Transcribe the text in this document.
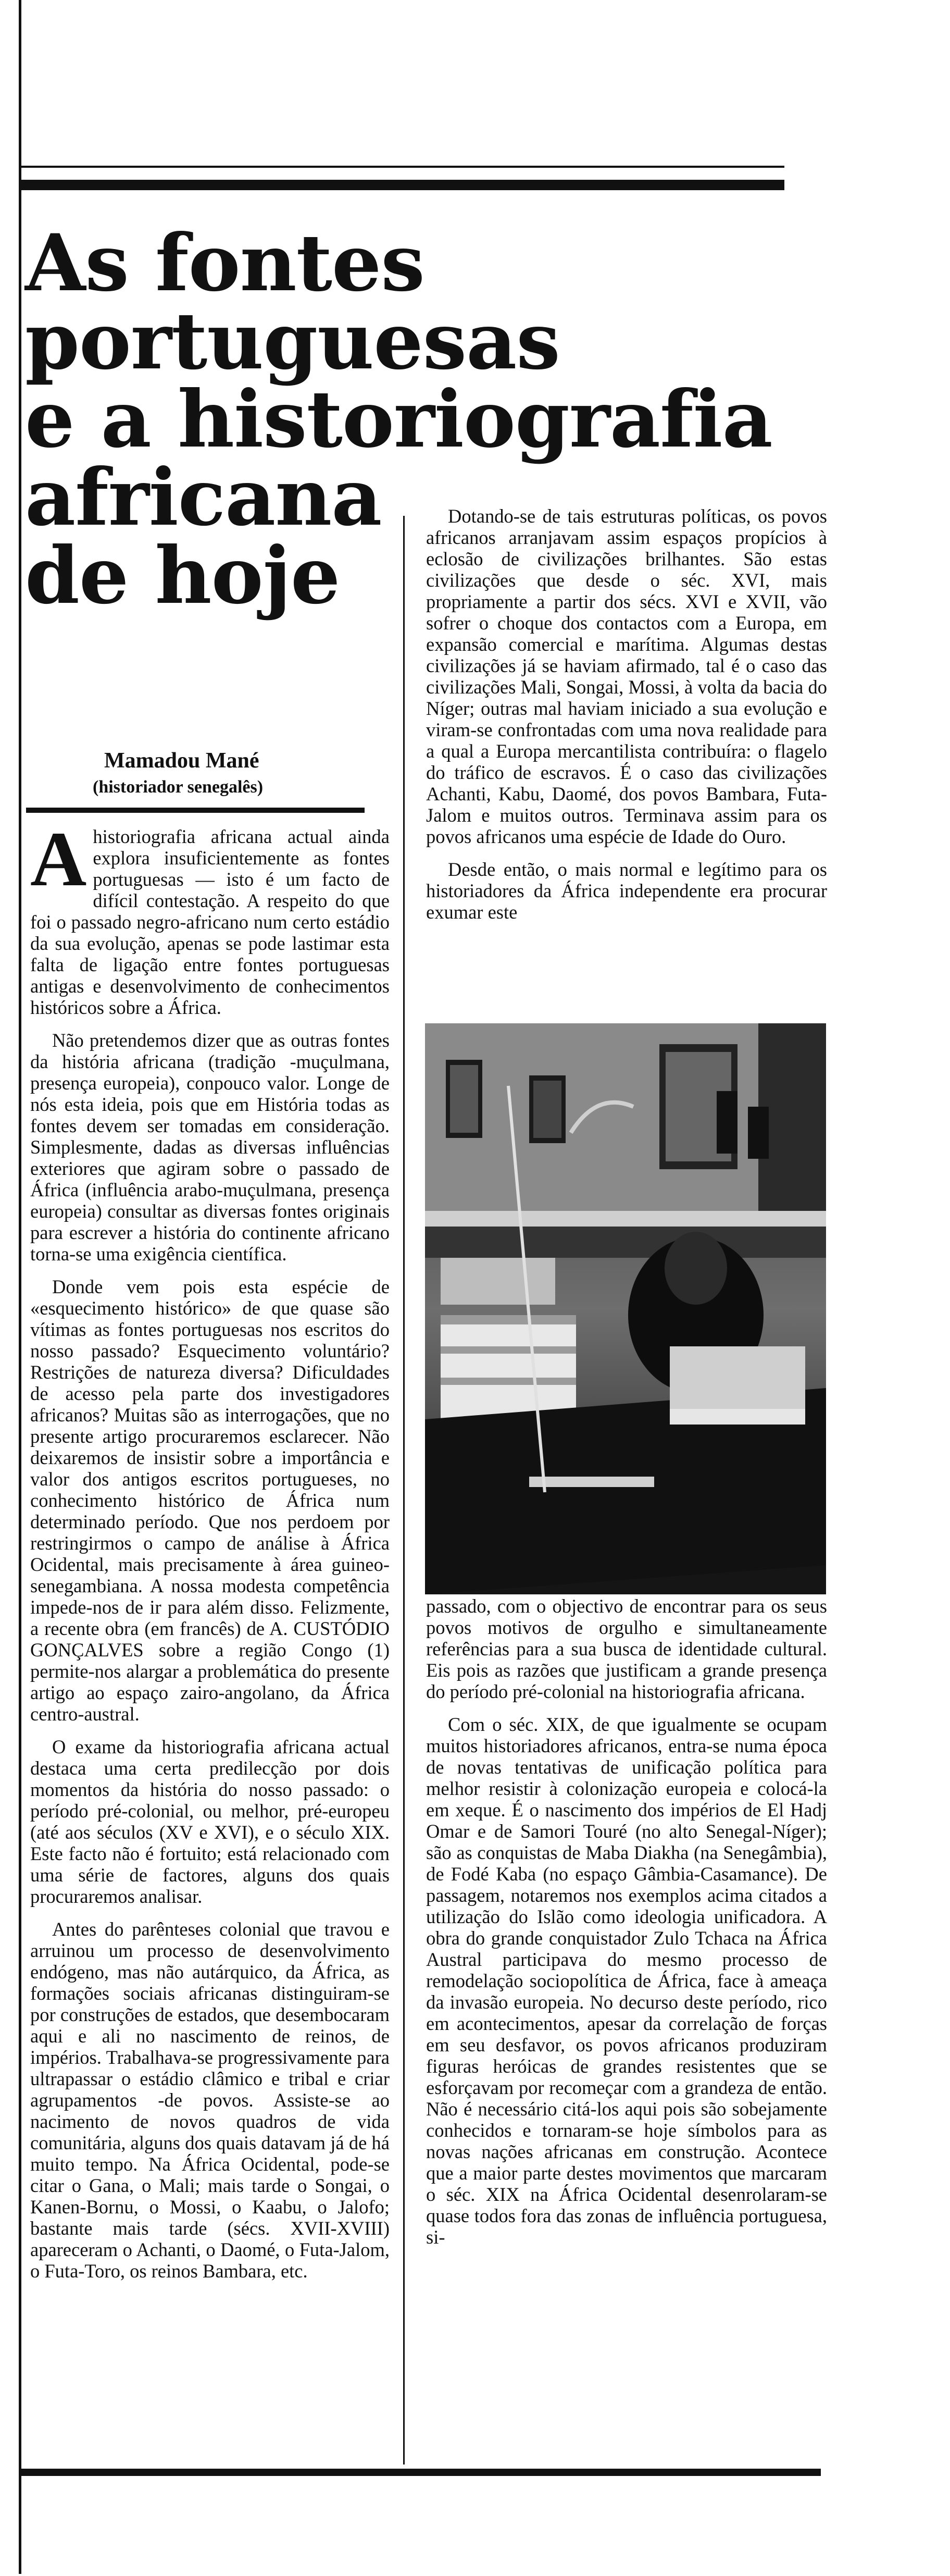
As fontes
portuguesas
e a historiografia
africana
de hoje
Mamadou Mané
(historiador senegalês)

Ahistoriografia africana actual ainda explora insuficientemente as fontes portuguesas — isto é um facto de difícil contestação. A respeito do que foi o passado negro-africano num certo estádio da sua evolução, apenas se pode lastimar esta falta de ligação entre fontes portuguesas antigas e desenvolvimento de conhecimentos históricos sobre a África.

Não pretendemos dizer que as outras fontes da história africana (tradição -muçulmana, presença europeia), conpouco valor. Longe de nós esta ideia, pois que em História todas as fontes devem ser tomadas em consideração. Simplesmente, dadas as diversas influências exteriores que agiram sobre o passado de África (influência arabo-muçulmana, presença europeia) consultar as diversas fontes originais para escrever a história do continente africano torna-se uma exigência científica.

Donde vem pois esta espécie de «esquecimento histórico» de que quase são vítimas as fontes portuguesas nos escritos do nosso passado? Esquecimento voluntário? Restrições de natureza diversa? Dificuldades de acesso pela parte dos investigadores africanos? Muitas são as interrogações, que no presente artigo procuraremos esclarecer. Não deixaremos de insistir sobre a importância e valor dos antigos escritos portugueses, no conhecimento histórico de África num determinado período. Que nos perdoem por restringirmos o campo de análise à África Ocidental, mais precisamente à área guineo-senegambiana. A nossa modesta competência impede-nos de ir para além disso. Felizmente, a recente obra (em francês) de A. CUSTÓDIO GONÇALVES sobre a região Congo (1) permite-nos alargar a problemática do presente artigo ao espaço zairo-angolano, da África centro-austral.

O exame da historiografia africana actual destaca uma certa predilecção por dois momentos da história do nosso passado: o período pré-colonial, ou melhor, pré-europeu (até aos séculos (XV e XVI), e o século XIX. Este facto não é fortuito; está relacionado com uma série de factores, alguns dos quais procuraremos analisar.

Antes do parênteses colonial que travou e arruinou um processo de desenvolvimento endógeno, mas não autárquico, da África, as formações sociais africanas distinguiram-se por construções de estados, que desembocaram aqui e ali no nascimento de reinos, de impérios. Trabalhava-se progressivamente para ultrapassar o estádio clâmico e tribal e criar agrupamentos -de povos. Assiste-se ao nacimento de novos quadros de vida comunitária, alguns dos quais datavam já de há muito tempo. Na África Ocidental, pode-se citar o Gana, o Mali; mais tarde o Songai, o Kanen-Bornu, o Mossi, o Kaabu, o Jalofo; bastante mais tarde (sécs. XVII-XVIII) apareceram o Achanti, o Daomé, o Futa-Jalom, o Futa-Toro, os reinos Bambara, etc.

Dotando-se de tais estruturas políticas, os povos africanos arranjavam assim espaços propícios à eclosão de civilizações brilhantes. São estas civilizações que desde o séc. XVI, mais propriamente a partir dos sécs. XVI e XVII, vão sofrer o choque dos contactos com a Europa, em expansão comercial e marítima. Algumas destas civilizações já se haviam afirmado, tal é o caso das civilizações Mali, Songai, Mossi, à volta da bacia do Níger; outras mal haviam iniciado a sua evolução e viram-se confrontadas com uma nova realidade para a qual a Europa mercantilista contribuíra: o flagelo do tráfico de escravos. É o caso das civilizações Achanti, Kabu, Daomé, dos povos Bambara, Futa-Jalom e muitos outros. Terminava assim para os povos africanos uma espécie de Idade do Ouro.

Desde então, o mais normal e legítimo para os historiadores da África independente era procurar exumar este

passado, com o objectivo de encontrar para os seus povos motivos de orgulho e simultaneamente referências para a sua busca de identidade cultural. Eis pois as razões que justificam a grande presença do período pré-colonial na historiografia africana.

Com o séc. XIX, de que igualmente se ocupam muitos historiadores africanos, entra-se numa época de novas tentativas de unificação política para melhor resistir à colonização europeia e colocá-la em xeque. É o nascimento dos impérios de El Hadj Omar e de Samori Touré (no alto Senegal-Níger); são as conquistas de Maba Diakha (na Senegâmbia), de Fodé Kaba (no espaço Gâmbia-Casamance). De passagem, notaremos nos exemplos acima citados a utilização do Islão como ideologia unificadora. A obra do grande conquistador Zulo Tchaca na África Austral participava do mesmo processo de remodelação sociopolítica de África, face à ameaça da invasão europeia. No decurso deste período, rico em acontecimentos, apesar da correlação de forças em seu desfavor, os povos africanos produziram figuras heróicas de grandes resistentes que se esforçavam por recomeçar com a grandeza de então. Não é necessário citá-los aqui pois são sobejamente conhecidos e tornaram-se hoje símbolos para as novas nações africanas em construção. Acontece que a maior parte destes movimentos que marcaram o séc. XIX na África Ocidental desenrolaram-se quase todos fora das zonas de influência portuguesa, si-
